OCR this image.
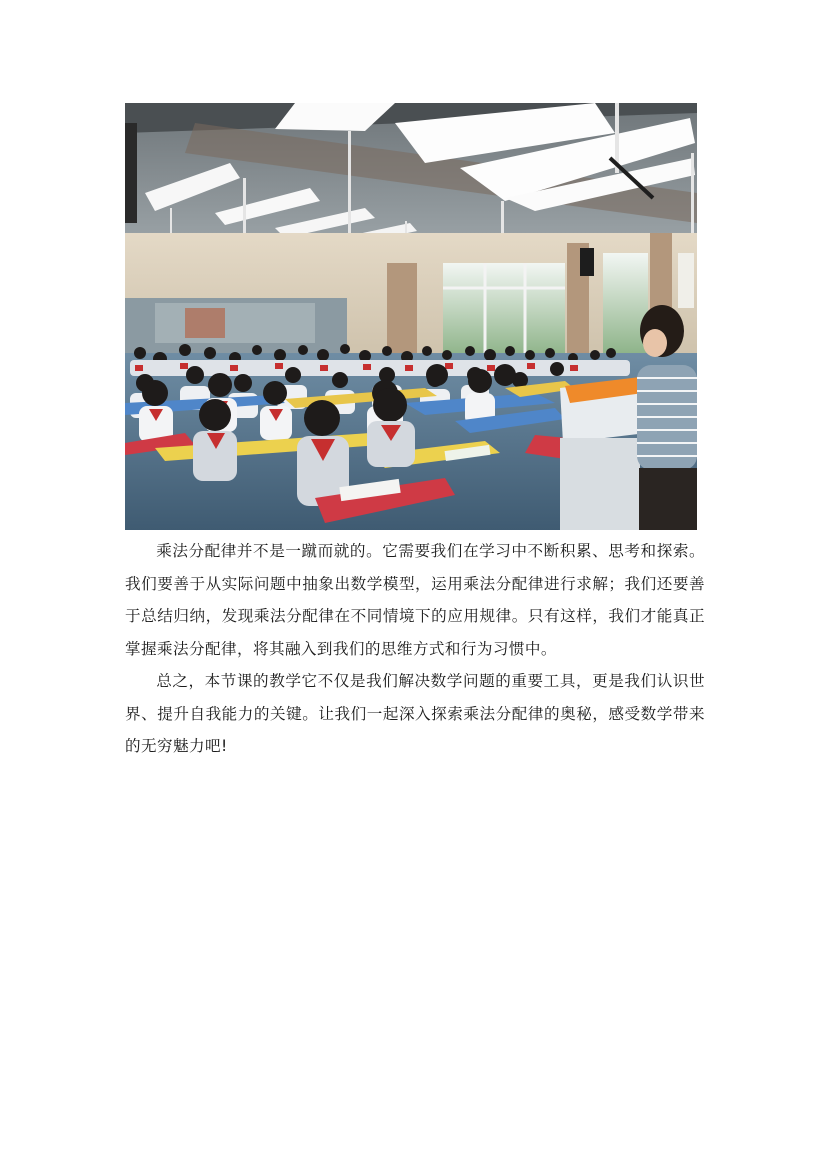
乘法分配律并不是一蹴而就的。它需要我们在学习中不断积累、思考和探索。我们要善于从实际问题中抽象出数学模型，运用乘法分配律进行求解；我们还要善于总结归纳，发现乘法分配律在不同情境下的应用规律。只有这样，我们才能真正掌握乘法分配律，将其融入到我们的思维方式和行为习惯中。

总之，本节课的教学它不仅是我们解决数学问题的重要工具，更是我们认识世界、提升自我能力的关键。让我们一起深入探索乘法分配律的奥秘，感受数学带来的无穷魅力吧!
